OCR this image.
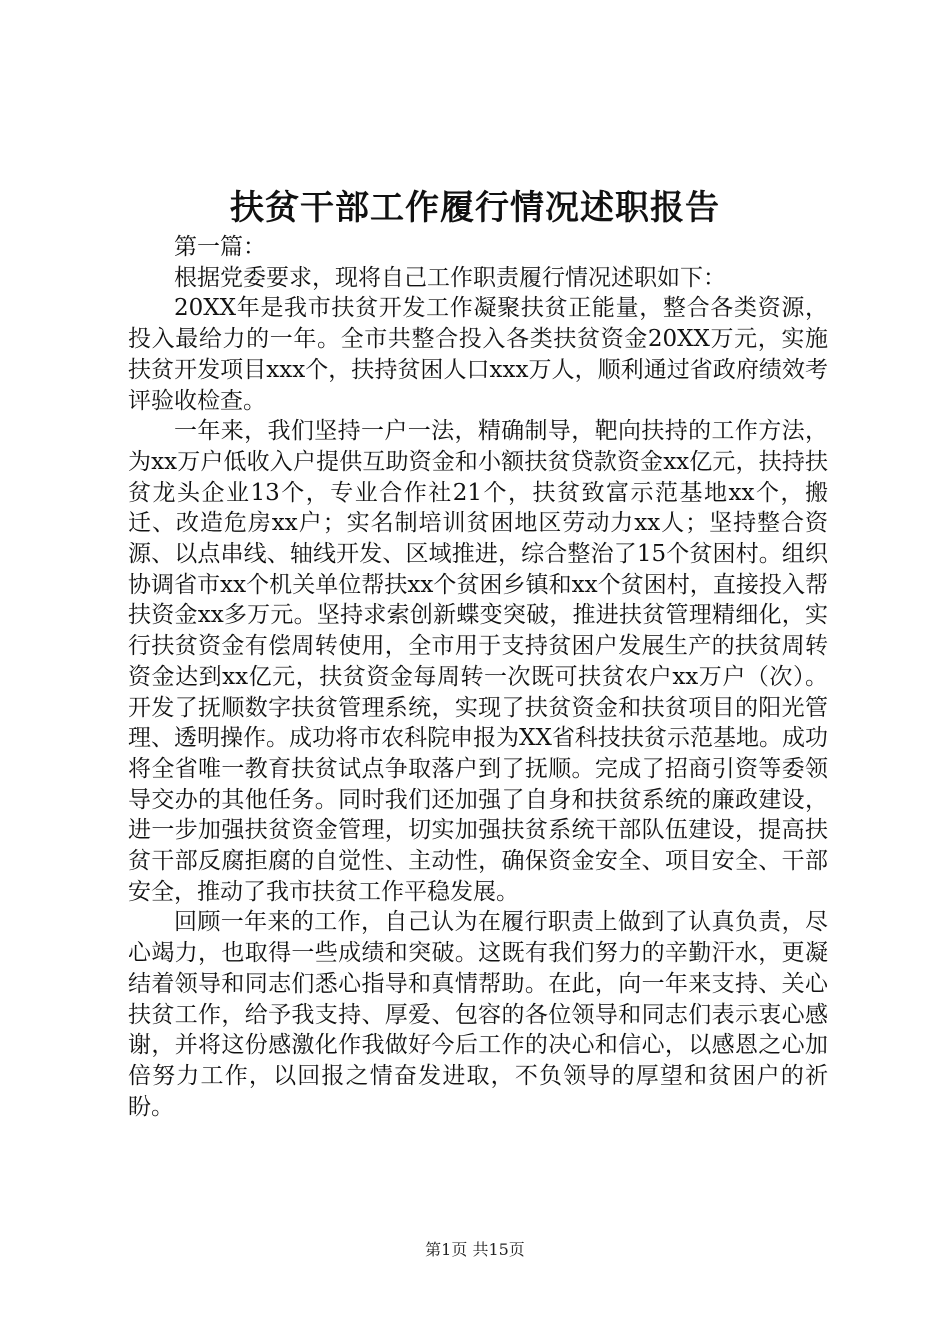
扶贫干部工作履行情况述职报告

第一篇：

根据党委要求，现将自己工作职责履行情况述职如下：

20XX年是我市扶贫开发工作凝聚扶贫正能量，整合各类资源，投入最给力的一年。全市共整合投入各类扶贫资金20XX万元，实施扶贫开发项目xxx个，扶持贫困人口xxx万人，顺利通过省政府绩效考评验收检查。

一年来，我们坚持一户一法，精确制导，靶向扶持的工作方法，为xx万户低收入户提供互助资金和小额扶贫贷款资金xx亿元，扶持扶贫龙头企业13个，专业合作社21个，扶贫致富示范基地xx个，搬迁、改造危房xx户；实名制培训贫困地区劳动力xx人；坚持整合资源、以点串线、轴线开发、区域推进，综合整治了15个贫困村。组织协调省市xx个机关单位帮扶xx个贫困乡镇和xx个贫困村，直接投入帮扶资金xx多万元。坚持求索创新蝶变突破，推进扶贫管理精细化，实行扶贫资金有偿周转使用，全市用于支持贫困户发展生产的扶贫周转资金达到xx亿元，扶贫资金每周转一次既可扶贫农户xx万户（次）。开发了抚顺数字扶贫管理系统，实现了扶贫资金和扶贫项目的阳光管理、透明操作。成功将市农科院申报为XX省科技扶贫示范基地。成功将全省唯一教育扶贫试点争取落户到了抚顺。完成了招商引资等委领导交办的其他任务。同时我们还加强了自身和扶贫系统的廉政建设，进一步加强扶贫资金管理，切实加强扶贫系统干部队伍建设，提高扶贫干部反腐拒腐的自觉性、主动性，确保资金安全、项目安全、干部安全，推动了我市扶贫工作平稳发展。

回顾一年来的工作，自己认为在履行职责上做到了认真负责，尽心竭力，也取得一些成绩和突破。这既有我们努力的辛勤汗水，更凝结着领导和同志们悉心指导和真情帮助。在此，向一年来支持、关心扶贫工作，给予我支持、厚爱、包容的各位领导和同志们表示衷心感谢，并将这份感激化作我做好今后工作的决心和信心，以感恩之心加倍努力工作，以回报之情奋发进取，不负领导的厚望和贫困户的祈盼。

第1页 共15页
